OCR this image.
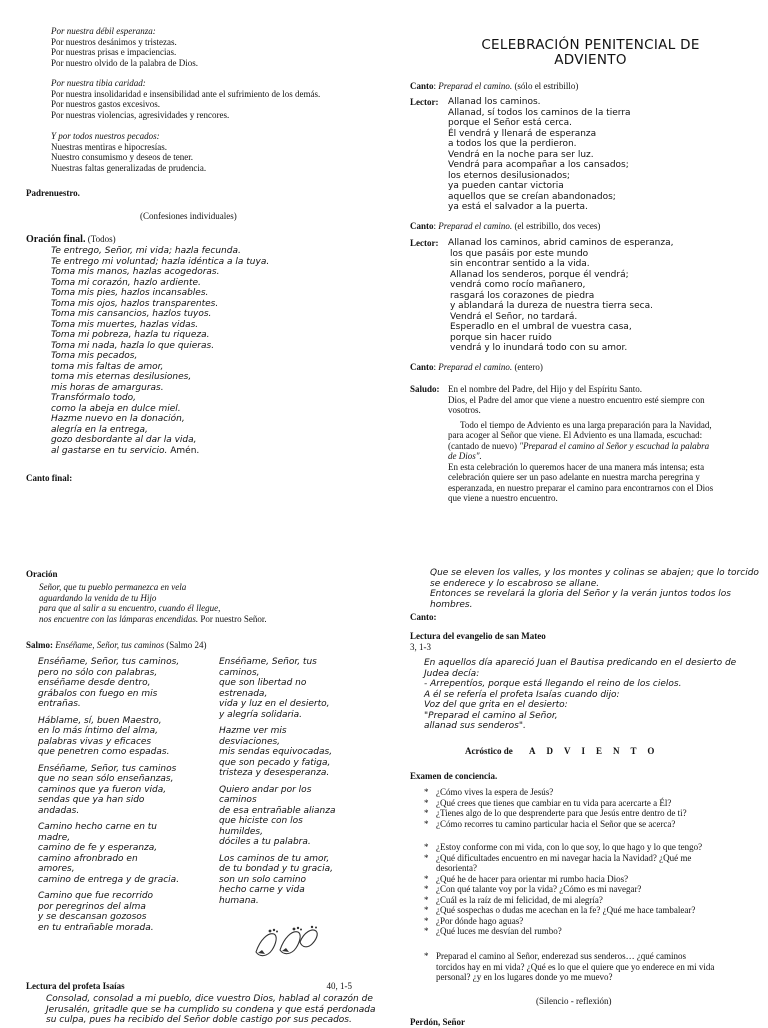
Por nuestra débil esperanza:
Por nuestros desánimos y tristezas.
Por nuestras prisas e impaciencias.
Por nuestro olvido de la palabra de Dios.
Por nuestra tibia caridad:
Por nuestra insolidaridad e insensibilidad ante el sufrimiento de los demás.
Por nuestros gastos excesivos.
Por nuestras violencias, agresividades y rencores.
Y por todos nuestros pecados:
Nuestras mentiras e hipocresías.
Nuestro consumismo y deseos de tener.
Nuestras faltas generalizadas de prudencia.
Padrenuestro.
(Confesiones individuales)
Oración final. (Todos)
Te entrego, Señor, mi vida; hazla fecunda.
Te entrego mi voluntad; hazla idéntica a la tuya.
Toma mis manos, hazlas acogedoras.
Toma mi corazón, hazlo ardiente.
Toma mis pies, hazlos incansables.
Toma mis ojos, hazlos transparentes.
Toma mis cansancios, hazlos tuyos.
Toma mis muertes, hazlas vidas.
Toma mi pobreza, hazla tu riqueza.
Toma mi nada, hazla lo que quieras.
Toma mis pecados,
toma mis faltas de amor,
toma mis eternas desilusiones,
mis horas de amarguras.
Transfórmalo todo,
como la abeja en dulce miel.
Hazme nuevo en la donación,
alegría en la entrega,
gozo desbordante al dar la vida,
al gastarse en tu servicio. Amén.
Canto final:
CELEBRACIÓN PENITENCIAL DE
ADVIENTO
Canto: Preparad el camino. (sólo el estribillo)
Lector: Allanad los caminos.
Allanad, sí todos los caminos de la tierra
porque el Señor está cerca.
Él vendrá y llenará de esperanza
a todos los que la perdieron.
Vendrá en la noche para ser luz.
Vendrá para acompañar a los cansados;
los eternos desilusionados;
ya pueden cantar victoria
aquellos que se creían abandonados;
ya está el salvador a la puerta.
Canto: Preparad el camino. (el estribillo, dos veces)
Lector: Allanad los caminos, abrid caminos de esperanza,
los que pasáis por este mundo
sin encontrar sentido a la vida.
Allanad los senderos, porque él vendrá;
vendrá como rocío mañanero,
rasgará los corazones de piedra
y ablandará la dureza de nuestra tierra seca.
Vendrá el Señor, no tardará.
Esperadlo en el umbral de vuestra casa,
porque sin hacer ruido
vendrá y lo inundará todo con su amor.
Canto: Preparad el camino. (entero)
Saludo: En el nombre del Padre, del Hijo y del Espíritu Santo.
Dios, el Padre del amor que viene a nuestro encuentro esté siempre con
vosotros.
Todo el tiempo de Adviento es una larga preparación para la Navidad,
para acoger al Señor que viene. El Adviento es una llamada, escuchad:
(cantado de nuevo) "Preparad el camino al Señor y escuchad la palabra
de Dios".
En esta celebración lo queremos hacer de una manera más intensa; esta
celebración quiere ser un paso adelante en nuestra marcha peregrina y
esperanzada, en nuestro preparar el camino para encontrarnos con el Dios
que viene a nuestro encuentro.
Oración
Señor, que tu pueblo permanezca en vela
aguardando la venida de tu Hijo
para que al salir a su encuentro, cuando él llegue,
nos encuentre con las lámparas encendidas. Por nuestro Señor.
Salmo: Enséñame, Señor, tus caminos (Salmo 24)
Enséñame, Señor, tus caminos,
pero no sólo con palabras,
enséñame desde dentro,
grábalos con fuego en mis
entrañas.
Háblame, sí, buen Maestro,
en lo más íntimo del alma,
palabras vivas y eficaces
que penetren como espadas.
Enséñame, Señor, tus caminos
que no sean sólo enseñanzas,
caminos que ya fueron vida,
sendas que ya han sido
andadas.
Camino hecho carne en tu
madre,
camino de fe y esperanza,
camino afronbrado en
amores,
camino de entrega y de gracia.
Camino que fue recorrido
por peregrinos del alma
y se descansan gozosos
en tu entrañable morada.
Enséñame, Señor, tus
caminos,
que son libertad no
estrenada,
vida y luz en el desierto,
y alegría solidaria.
Hazme ver mis
desviaciones,
mis sendas equivocadas,
que son pecado y fatiga,
tristeza y desesperanza.
Quiero andar por los
caminos
de esa entrañable alianza
que hiciste con los
humildes,
dóciles a tu palabra.
Los caminos de tu amor,
de tu bondad y tu gracia,
son un solo camino
hecho carne y vida
humana.
Lectura del profeta Isaías	40, 1-5
Consolad, consolad a mi pueblo, dice vuestro Dios, hablad al corazón de
Jerusalén, gritadle que se ha cumplido su condena y que está perdonada
su culpa, pues ha recibido del Señor doble castigo por sus pecados.
Que se eleven los valles, y los montes y colinas se abajen; que lo torcido
se enderece y lo escabroso se allane.
Entonces se revelará la gloria del Señor y la verán juntos todos los
hombres.
Canto:
Lectura del evangelio de san Mateo
3, 1-3
En aquellos día apareció Juan el Bautisa predicando en el desierto de
Judea decía:
- Arrepentíos, porque está llegando el reino de los cielos.
A él se refería el profeta Isaías cuando dijo:
Voz del que grita en el desierto:
"Preparad el camino al Señor,
allanad sus senderos".
Acróstico de ADVIENTO
Examen de conciencia.
* ¿Cómo vives la espera de Jesús?
* ¿Qué crees que tienes que cambiar en tu vida para acercarte a Él?
* ¿Tienes algo de lo que desprenderte para que Jesús entre dentro de ti?
* ¿Cómo recorres tu camino particular hacia el Señor que se acerca?
* ¿Estoy conforme con mi vida, con lo que soy, lo que hago y lo que tengo?
* ¿Qué dificultades encuentro en mi navegar hacia la Navidad? ¿Qué me
desorienta?
* ¿Qué he de hacer para orientar mi rumbo hacia Dios?
* ¿Con qué talante voy por la vida? ¿Cómo es mi navegar?
* ¿Cuál es la raíz de mi felicidad, de mi alegría?
* ¿Qué sospechas o dudas me acechan en la fe? ¿Qué me hace tambalear?
* ¿Por dónde hago aguas?
* ¿Qué luces me desvían del rumbo?
* Preparad el camino al Señor, enderezad sus senderos… ¿qué caminos
torcidos hay en mi vida? ¿Qué es lo que el quiere que yo enderece en mi vida
personal? ¿y en los lugares donde yo me muevo?
(Silencio - reflexión)
Perdón, Señor
